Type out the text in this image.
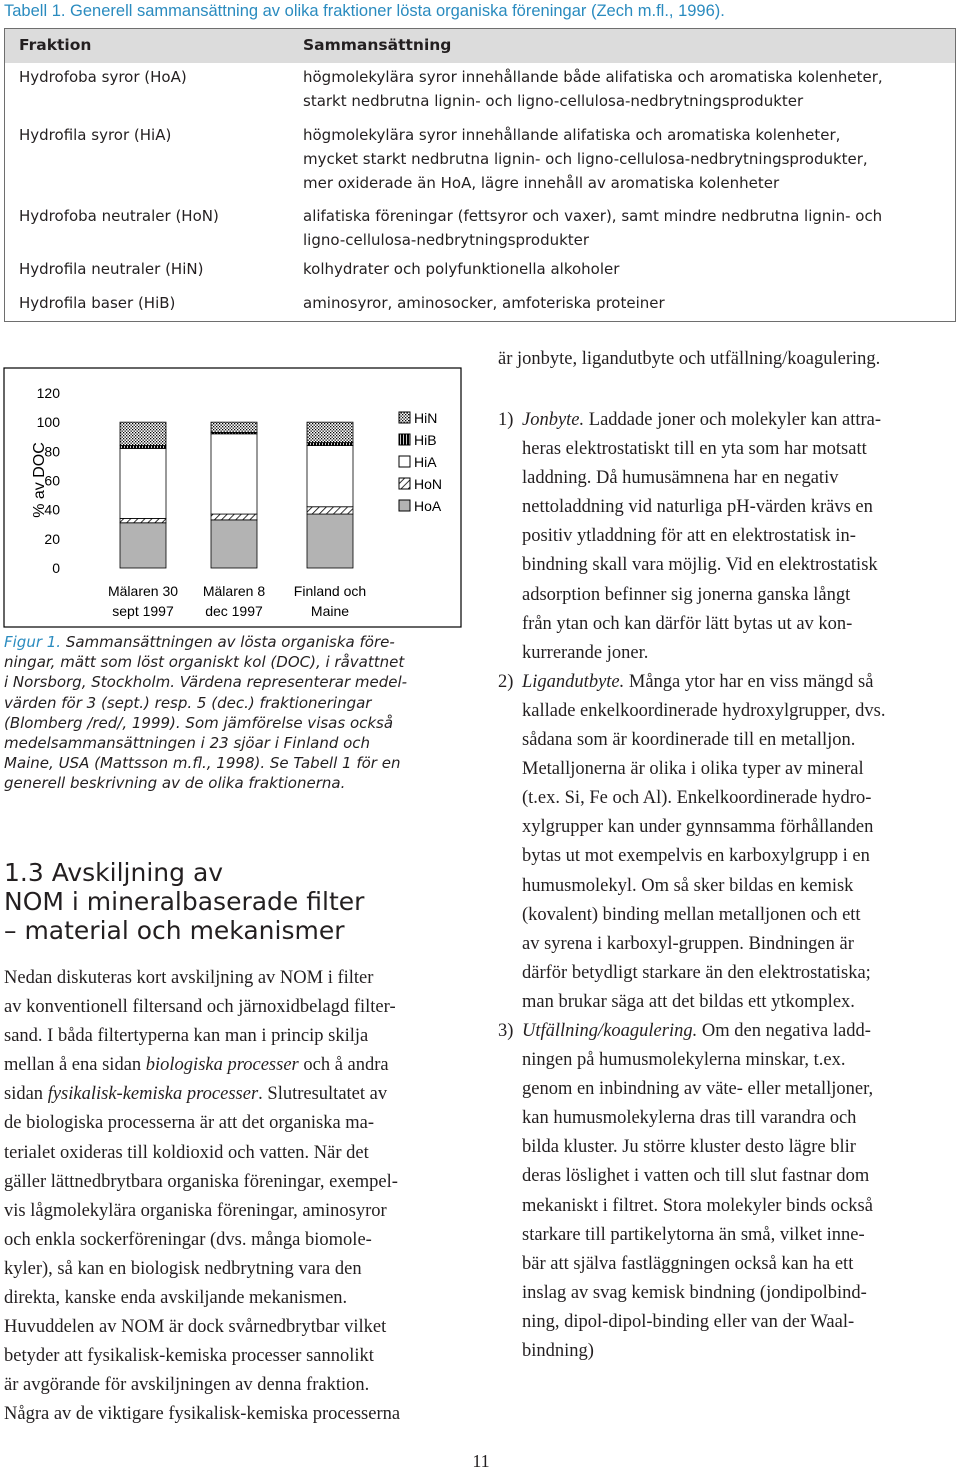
Tabell 1. Generell sammansättning av olika fraktioner lösta organiska föreningar (Zech m.fl., 1996).
Fraktion	Sammansättning
Hydrofoba syror (HoA)	högmolekylära syror innehållande både alifatiska och aromatiska kolenheter,
starkt nedbrutna lignin- och ligno-cellulosa-nedbrytningsprodukter
Hydrofila syror (HiA)	högmolekylära syror innehållande alifatiska och aromatiska kolenheter,
mycket starkt nedbrutna lignin- och ligno-cellulosa-nedbrytningsprodukter,
mer oxiderade än HoA, lägre innehåll av aromatiska kolenheter
Hydrofoba neutraler (HoN)	alifatiska föreningar (fettsyror och vaxer), samt mindre nedbrutna lignin- och
ligno-cellulosa-nedbrytningsprodukter
Hydrofila neutraler (HiN)	kolhydrater och polyfunktionella alkoholer
Hydrofila baser (HiB)	aminosyror, aminosocker, amfoteriska proteiner
är jonbyte, ligandutbyte och utfällning/koagulering.
% av DOC
0
20
40
60
80
100
120
Mälaren 30
sept 1997
Mälaren 8
dec 1997
Finland och
Maine
HiN
HiB
HiA
HoN
HoA
Figur 1. Sammansättningen av lösta organiska före-
ningar, mätt som löst organiskt kol (DOC), i råvattnet
i Norsborg, Stockholm. Värdena representerar medel-
värden för 3 (sept.) resp. 5 (dec.) fraktioneringar
(Blomberg /red/, 1999). Som jämförelse visas också
medelsammansättningen i 23 sjöar i Finland och
Maine, USA (Mattsson m.fl., 1998). Se Tabell 1 för en
generell beskrivning av de olika fraktionerna.
1.3 Avskiljning av
NOM i mineralbaserade filter
– material och mekanismer
Nedan diskuteras kort avskiljning av NOM i filter
av konventionell filtersand och järnoxidbelagd filter-
sand. I båda filtertyperna kan man i princip skilja
mellan å ena sidan biologiska processer och å andra
sidan fysikalisk-kemiska processer. Slutresultatet av
de biologiska processerna är att det organiska ma-
terialet oxideras till koldioxid och vatten. När det
gäller lättnedbrytbara organiska föreningar, exempel-
vis lågmolekylära organiska föreningar, aminosyror
och enkla sockerföreningar (dvs. många biomole-
kyler), så kan en biologisk nedbrytning vara den
direkta, kanske enda avskiljande mekanismen.
Huvuddelen av NOM är dock svårnedbrytbar vilket
betyder att fysikalisk-kemiska processer sannolikt
är avgörande för avskiljningen av denna fraktion.
Några av de viktigare fysikalisk-kemiska processerna
1) Jonbyte. Laddade joner och molekyler kan attra-
heras elektrostatiskt till en yta som har motsatt
laddning. Då humusämnena har en negativ
nettoladdning vid naturliga pH-värden krävs en
positiv ytladdning för att en elektrostatisk in-
bindning skall vara möjlig. Vid en elektrostatisk
adsorption befinner sig jonerna ganska långt
från ytan och kan därför lätt bytas ut av kon-
kurrerande joner.
2) Ligandutbyte. Många ytor har en viss mängd så
kallade enkelkoordinerade hydroxylgrupper, dvs.
sådana som är koordinerade till en metalljon.
Metalljonerna är olika i olika typer av mineral
(t.ex. Si, Fe och Al). Enkelkoordinerade hydro-
xylgrupper kan under gynnsamma förhållanden
bytas ut mot exempelvis en karboxylgrupp i en
humusmolekyl. Om så sker bildas en kemisk
(kovalent) binding mellan metalljonen och ett
av syrena i karboxyl-gruppen. Bindningen är
därför betydligt starkare än den elektrostatiska;
man brukar säga att det bildas ett ytkomplex.
3) Utfällning/koagulering. Om den negativa ladd-
ningen på humusmolekylerna minskar, t.ex.
genom en inbindning av väte- eller metalljoner,
kan humusmolekylerna dras till varandra och
bilda kluster. Ju större kluster desto lägre blir
deras löslighet i vatten och till slut fastnar dom
mekaniskt i filtret. Stora molekyler binds också
starkare till partikelytorna än små, vilket inne-
bär att själva fastläggningen också kan ha ett
inslag av svag kemisk bindning (jondipolbind-
ning, dipol-dipol-binding eller van der Waal-
bindning)
11
